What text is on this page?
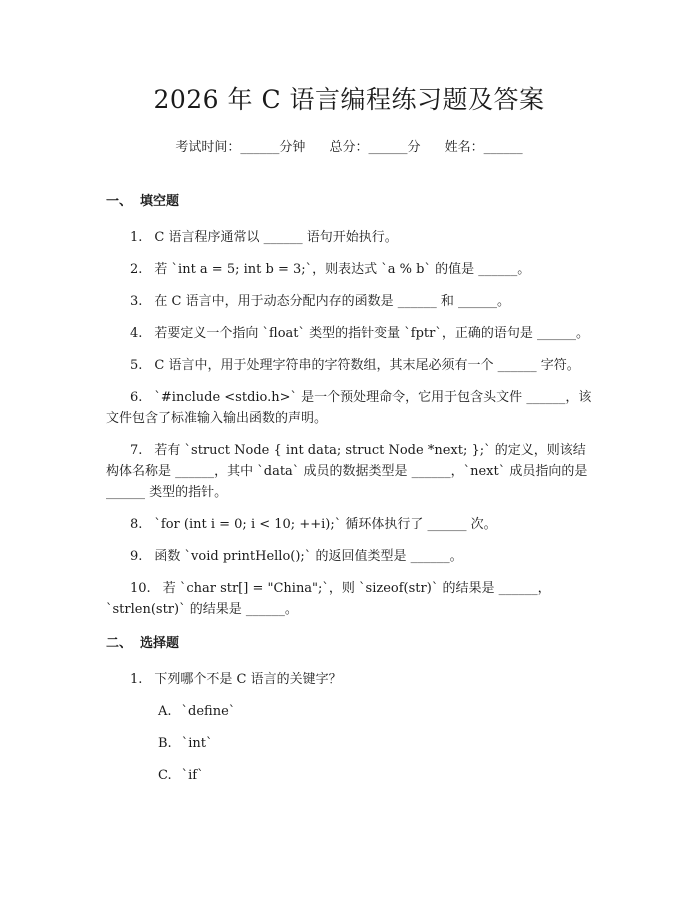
2026 年 C 语言编程练习题及答案
考试时间：______分钟 总分：______分 姓名：______
一、 填空题

1. C 语言程序通常以 ______ 语句开始执行。

2. 若 `int a = 5; int b = 3;`，则表达式 `a % b` 的值是 ______。

3. 在 C 语言中，用于动态分配内存的函数是 ______ 和 ______。

4. 若要定义一个指向 `float` 类型的指针变量 `fptr`，正确的语句是 ______。

5. C 语言中，用于处理字符串的字符数组，其末尾必须有一个 ______ 字符。

6. `#include <stdio.h>` 是一个预处理命令，它用于包含头文件 ______，该文件包含了标准输入输出函数的声明。

7. 若有 `struct Node { int data; struct Node *next; };` 的定义，则该结构体名称是 ______，其中 `data` 成员的数据类型是 ______，`next` 成员指向的是 ______ 类型的指针。

8. `for (int i = 0; i < 10; ++i);` 循环体执行了 ______ 次。

9. 函数 `void printHello();` 的返回值类型是 ______。

10. 若 `char str[] = "China";`，则 `sizeof(str)` 的结果是 ______，`strlen(str)` 的结果是 ______。

二、 选择题

1. 下列哪个不是 C 语言的关键字？

A. `define`

B. `int`

C. `if`
